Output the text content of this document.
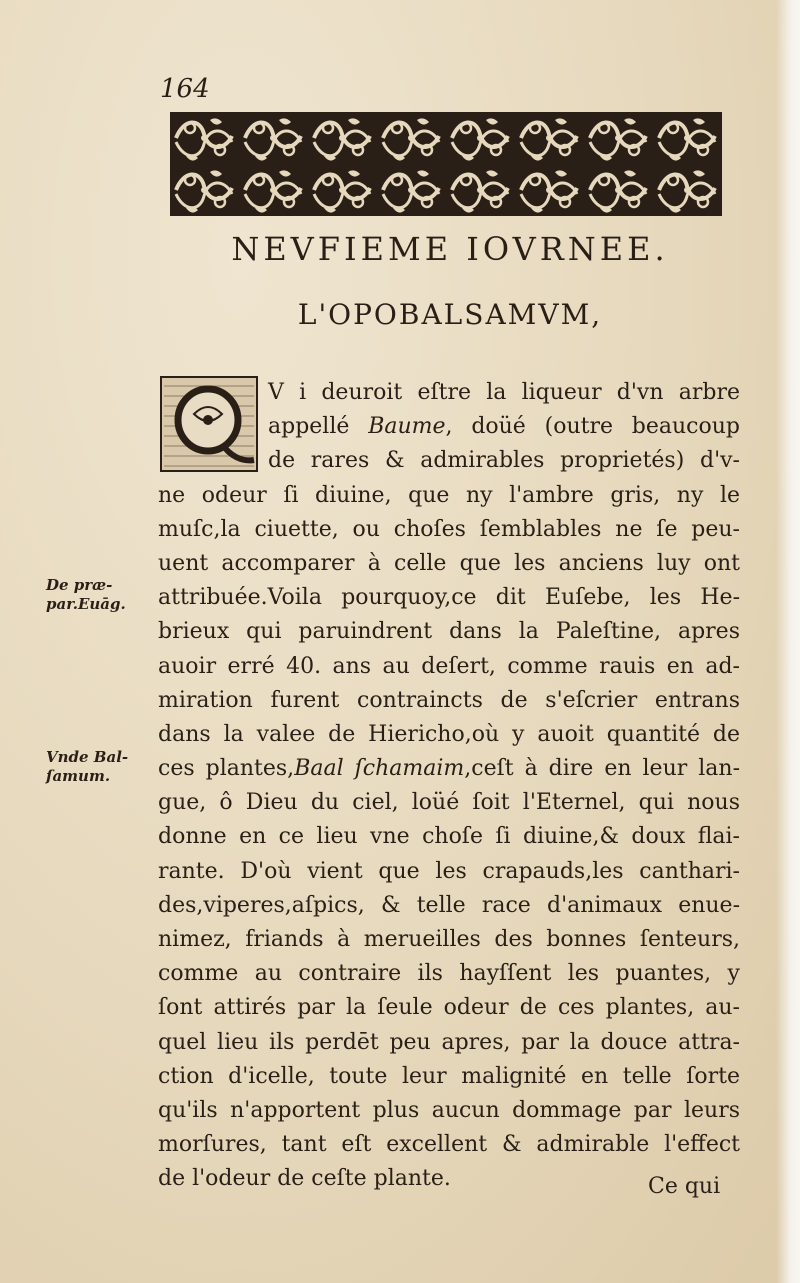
164
NEVFIEME IOVRNEE.
L'OPOBALSAMVM,
De præ-
par.Euāg.
Vnde Bal-
ſamum.
V i deuroit eſtre la liqueur d'vn arbre
appellé Baume, doüé (outre beaucoup
de rares & admirables proprietés) d'v-
ne odeur ſi diuine, que ny l'ambre gris, ny le
muſc,la ciuette, ou choſes ſemblables ne ſe peu-
uent accomparer à celle que les anciens luy ont
attribuée.Voila pourquoy,ce dit Euſebe, les He-
brieux qui paruindrent dans la Paleſtine, apres
auoir erré 40. ans au deſert, comme rauis en ad-
miration furent contraincts de s'eſcrier entrans
dans la valee de Hiericho,où y auoit quantité de
ces plantes,Baal ſchamaim,ceſt à dire en leur lan-
gue, ô Dieu du ciel, loüé ſoit l'Eternel, qui nous
donne en ce lieu vne choſe ſi diuine,& doux flai-
rante. D'où vient que les crapauds,les canthari-
des,viperes,aſpics, & telle race d'animaux enue-
nimez, friands à merueilles des bonnes ſenteurs,
comme au contraire ils hayſſent les puantes, y
ſont attirés par la ſeule odeur de ces plantes, au-
quel lieu ils perdēt peu apres, par la douce attra-
ction d'icelle, toute leur malignité en telle ſorte
qu'ils n'apportent plus aucun dommage par leurs
morſures, tant eſt excellent & admirable l'effect
de l'odeur de ceſte plante.	Ce qui
